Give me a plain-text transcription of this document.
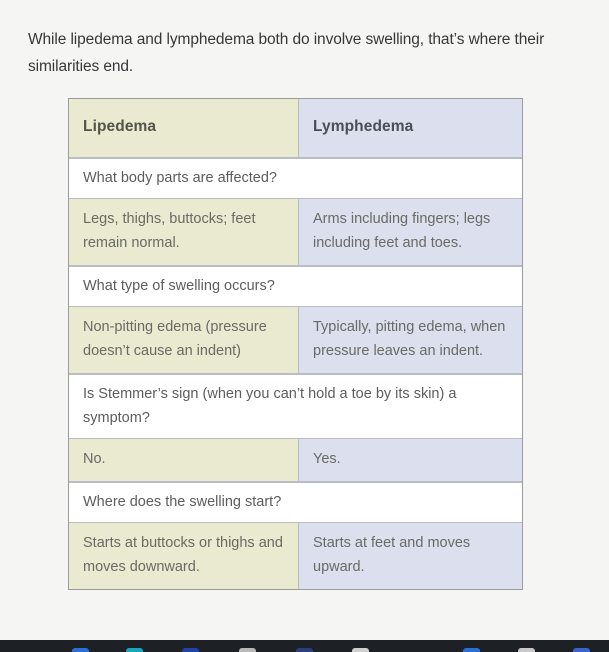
While lipedema and lymphedema both do involve swelling, that’s where their similarities end.

Lipedema	Lymphedema
What body parts are affected?
Legs, thighs, buttocks; feet remain normal.
Arms including fingers; legs including feet and toes.
What type of swelling occurs?
Non-pitting edema (pressure doesn’t cause an indent)
Typically, pitting edema, when pressure leaves an indent.
Is Stemmer’s sign (when you can’t hold a toe by its skin) a symptom?
No.	Yes.
Where does the swelling start?
Starts at buttocks or thighs and moves downward.
Starts at feet and moves upward.
